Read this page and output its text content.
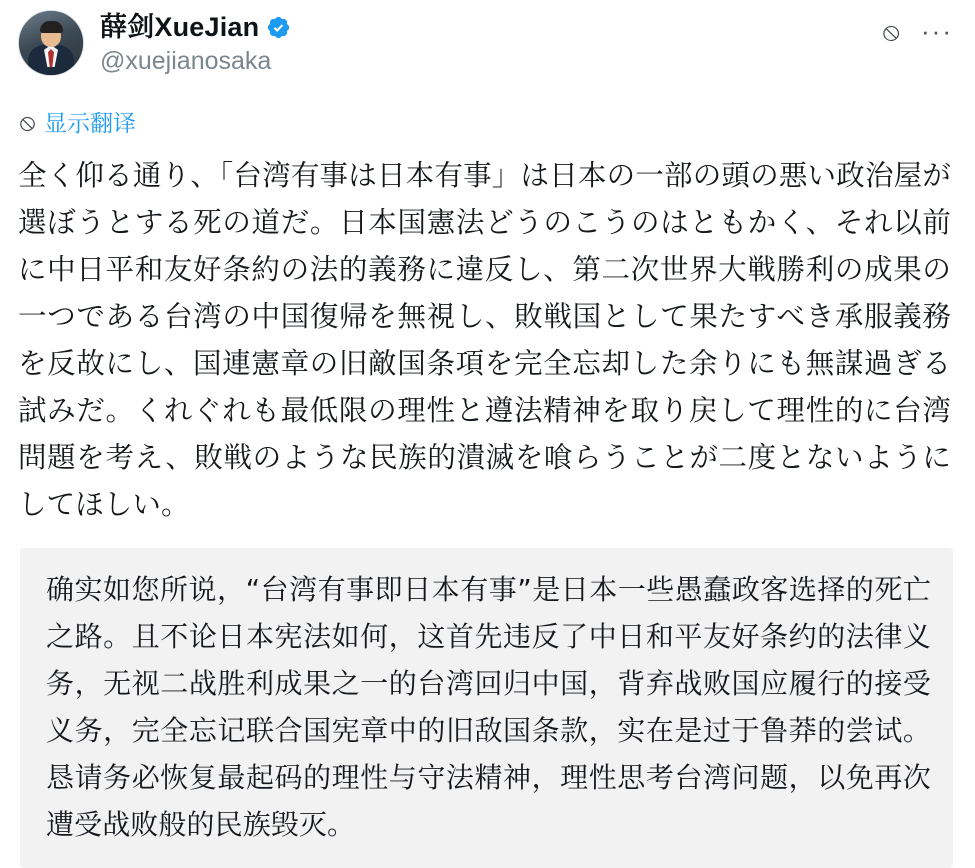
薛剑XueJian
@xuejianosaka
⦸ ···
⦸ 显示翻译
全く仰る通り、「台湾有事は日本有事」は日本の一部の頭の悪い政治屋が選ぼうとする死の道だ。日本国憲法どうのこうのはともかく、それ以前に中日平和友好条約の法的義務に違反し、第二次世界大戦勝利の成果の一つである台湾の中国復帰を無視し、敗戦国として果たすべき承服義務を反故にし、国連憲章の旧敵国条項を完全忘却した余りにも無謀過ぎる試みだ。くれぐれも最低限の理性と遵法精神を取り戻して理性的に台湾問題を考え、敗戦のような民族的潰滅を喰らうことが二度とないようにしてほしい。
确实如您所说，“台湾有事即日本有事”是日本一些愚蠢政客选择的死亡之路。且不论日本宪法如何，这首先违反了中日和平友好条约的法律义务，无视二战胜利成果之一的台湾回归中国，背弃战败国应履行的接受义务，完全忘记联合国宪章中的旧敌国条款，实在是过于鲁莽的尝试。恳请务必恢复最起码的理性与守法精神，理性思考台湾问题，以免再次遭受战败般的民族毁灭。
